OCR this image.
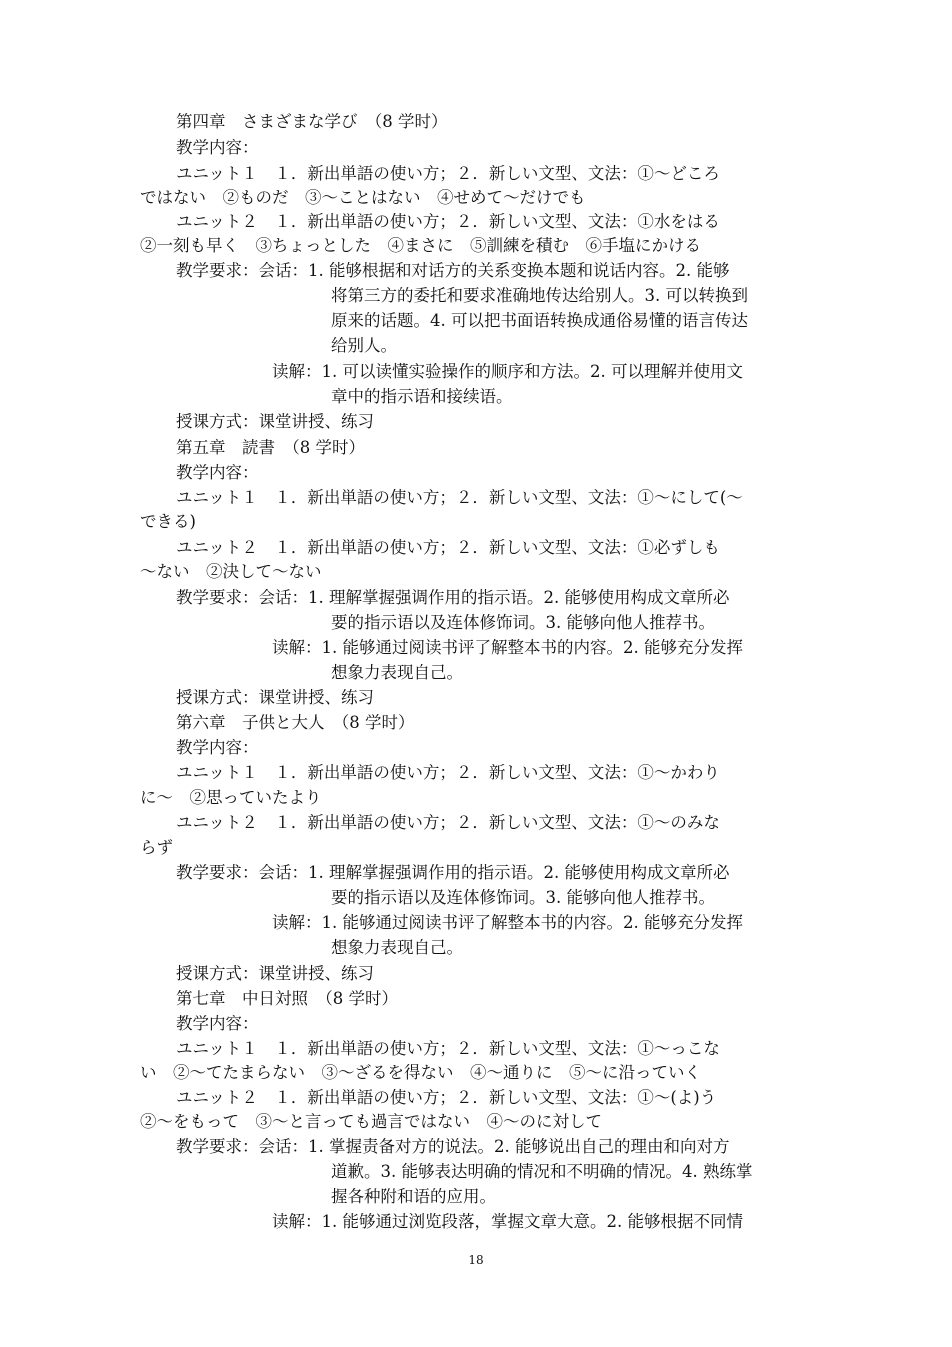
第四章　さまざまな学び　（8 学时）
教学内容：
ユニット１　１．新出単語の使い方；２．新しい文型、文法：①～どころ
ではない　②ものだ　③～ことはない　④せめて～だけでも
ユニット２　１．新出単語の使い方；２．新しい文型、文法：①水をはる
②一刻も早く　③ちょっとした　④まさに　⑤訓練を積む　⑥手塩にかける
教学要求：会话：1. 能够根据和对话方的关系变换本题和说话内容。2. 能够
将第三方的委托和要求准确地传达给别人。3. 可以转换到
原来的话题。4. 可以把书面语转换成通俗易懂的语言传达
给别人。
读解：1. 可以读懂实验操作的顺序和方法。2. 可以理解并使用文
章中的指示语和接续语。
授课方式：课堂讲授、练习
第五章　読書　（8 学时）
教学内容：
ユニット１　１．新出単語の使い方；２．新しい文型、文法：①～にして(～
できる)
ユニット２　１．新出単語の使い方；２．新しい文型、文法：①必ずしも
～ない　②決して～ない
教学要求：会话：1. 理解掌握强调作用的指示语。2. 能够使用构成文章所必
要的指示语以及连体修饰词。3. 能够向他人推荐书。
读解：1. 能够通过阅读书评了解整本书的内容。2. 能够充分发挥
想象力表现自己。
授课方式：课堂讲授、练习
第六章　子供と大人　（8 学时）
教学内容：
ユニット１　１．新出単語の使い方；２．新しい文型、文法：①～かわり
に～　②思っていたより
ユニット２　１．新出単語の使い方；２．新しい文型、文法：①～のみな
らず
教学要求：会话：1. 理解掌握强调作用的指示语。2. 能够使用构成文章所必
要的指示语以及连体修饰词。3. 能够向他人推荐书。
读解：1. 能够通过阅读书评了解整本书的内容。2. 能够充分发挥
想象力表现自己。
授课方式：课堂讲授、练习
第七章　中日対照　（8 学时）
教学内容：
ユニット１　１．新出単語の使い方；２．新しい文型、文法：①～っこな
い　②～てたまらない　③～ざるを得ない　④～通りに　⑤～に沿っていく
ユニット２　１．新出単語の使い方；２．新しい文型、文法：①～(よ)う
②～をもって　③～と言っても過言ではない　④～のに対して
教学要求：会话：1. 掌握责备对方的说法。2. 能够说出自己的理由和向对方
道歉。3. 能够表达明确的情况和不明确的情况。4. 熟练掌
握各种附和语的应用。
读解：1. 能够通过浏览段落，掌握文章大意。2. 能够根据不同情
18
